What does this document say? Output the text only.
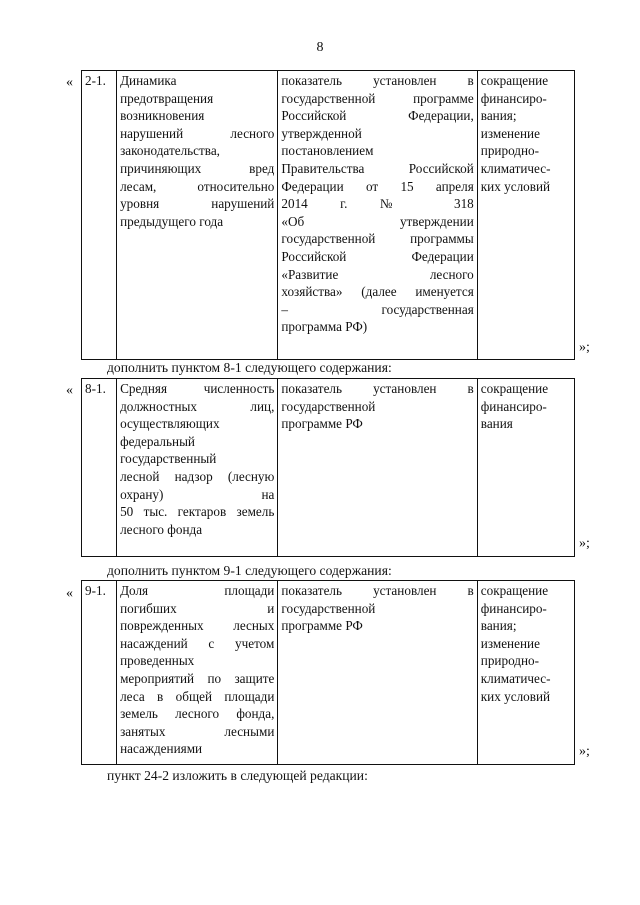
8
« 2-1.	Динамика
предотвращения
возникновения
нарушений лесного
законодательства,
причиняющих вред
лесам, относительно
уровня нарушений
предыдущего года

показатель установлен в
государственной программе
Российской Федерации,
утвержденной
постановлением
Правительства Российской
Федерации от 15 апреля
2014 г. № 318
«Об утверждении
государственной программы
Российской Федерации
«Развитие лесного
хозяйства» (далее именуется
– государственная
программа РФ)

сокращение
финансиро-
вания;
изменение
природно-
климатичес-
ких условий
»;
дополнить пунктом 8-1 следующего содержания:
« 8-1.	Средняя численность
должностных лиц,
осуществляющих
федеральный
государственный
лесной надзор (лесную
охрану) на
50 тыс. гектаров земель
лесного фонда

показатель установлен в
государственной
программе РФ

сокращение
финансиро-
вания
»;
дополнить пунктом 9-1 следующего содержания:
« 9-1.	Доля площади
погибших и
поврежденных лесных
насаждений с учетом
проведенных
мероприятий по защите
леса в общей площади
земель лесного фонда,
занятых лесными
насаждениями

показатель установлен в
государственной
программе РФ

сокращение
финансиро-
вания;
изменение
природно-
климатичес-
ких условий
»;
пункт 24-2 изложить в следующей редакции:
